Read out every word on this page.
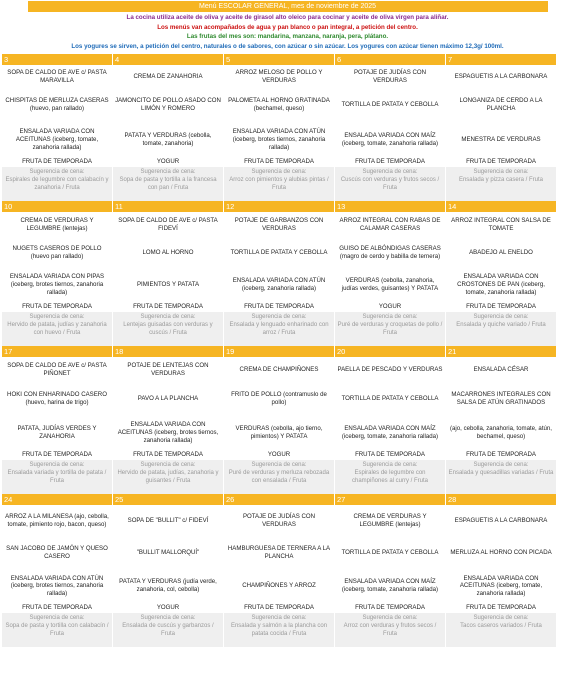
Menú ESCOLAR GENERAL, mes de noviembre de 2025
La cocina utiliza aceite de oliva y aceite de girasol alto oleico para cocinar y aceite de oliva virgen para aliñar.
Los menús van acompañados de agua y pan blanco o pan integral, a petición del centro.
Las frutas del mes son: mandarina, manzana, naranja, pera, plátano.
Los yogures se sirven, a petición del centro, naturales o de sabores, con azúcar o sin azúcar. Los yogures con azúcar tienen máximo 12,3g/ 100ml.
3
SOPA DE CALDO DE AVE c/ PASTA MARAVILLA
CHISPITAS DE MERLUZA CASERAS (huevo, pan rallado)
ENSALADA VARIADA CON ACEITUNAS (iceberg, tomate, zanahoria rallada)
FRUTA DE TEMPORADA
Sugerencia de cena:
Espirales de legumbre con calabacín y zanahoria / Fruta
4
CREMA DE ZANAHORIA
JAMONCITO DE POLLO ASADO CON LIMÓN Y ROMERO
PATATA Y VERDURAS (cebolla, tomate, zanahoria)
YOGUR
Sugerencia de cena:
Sopa de pasta y tortilla a la francesa con pan / Fruta
5
ARROZ MELOSO DE POLLO Y VERDURAS
PALOMETA AL HORNO GRATINADA (bechamel, queso)
ENSALADA VARIADA CON ATÚN (iceberg, brotes tiernos, zanahoria rallada)
FRUTA DE TEMPORADA
Sugerencia de cena:
Arroz con pimientos y alubias pintas / Fruta
6
POTAJE DE JUDÍAS CON VERDURAS
TORTILLA DE PATATA Y CEBOLLA
ENSALADA VARIADA CON MAÍZ (iceberg, tomate, zanahoria rallada)
FRUTA DE TEMPORADA
Sugerencia de cena:
Cuscús con verduras y frutos secos / Fruta
7
ESPAGUETIS A LA CARBONARA
LONGANIZA DE CERDO A LA PLANCHA
MENESTRA DE VERDURAS
FRUTA DE TEMPORADA
Sugerencia de cena:
Ensalada y pizza casera / Fruta
10
CREMA DE VERDURAS Y LEGUMBRE (lentejas)
NUGETS CASEROS DE POLLO (huevo pan rallado)
ENSALADA VARIADA CON PIPAS (iceberg, brotes tiernos, zanahoria rallada)
FRUTA DE TEMPORADA
Sugerencia de cena:
Hervido de patata, judías y zanahoria con huevo / Fruta
11
SOPA DE CALDO DE AVE c/ PASTA FIDEVÍ
LOMO AL HORNO
PIMIENTOS Y PATATA
FRUTA DE TEMPORADA
Sugerencia de cena:
Lentejas guisadas con verduras y cuscús / Fruta
12
POTAJE DE GARBANZOS CON VERDURAS
TORTILLA DE PATATA Y CEBOLLA
ENSALADA VARIADA CON ATÚN (iceberg, zanahoria rallada)
FRUTA DE TEMPORADA
Sugerencia de cena:
Ensalada y lenguado enharinado con arroz / Fruta
13
ARROZ INTEGRAL CON RABAS DE CALAMAR CASERAS
GUISO DE ALBÓNDIGAS CASERAS (magro de cerdo y babilla de ternera)
VERDURAS (cebolla, zanahoria, judías verdes, guisantes) Y PATATA
YOGUR
Sugerencia de cena:
Puré de verduras y croquetas de pollo / Fruta
14
ARROZ INTEGRAL CON SALSA DE TOMATE
ABADEJO AL ENELDO
ENSALADA VARIADA CON CROSTONES DE PAN (iceberg, tomate, zanahoria rallada)
FRUTA DE TEMPORADA
Sugerencia de cena:
Ensalada y quiche variado / Fruta
17
SOPA DE CALDO DE AVE c/ PASTA PIÑONET
HOKI CON ENHARINADO CASERO (huevo, harina de trigo)
PATATA, JUDÍAS VERDES Y ZANAHORIA
FRUTA DE TEMPORADA
Sugerencia de cena:
Ensalada variada y tortilla de patata / Fruta
18
POTAJE DE LENTEJAS CON VERDURAS
PAVO A LA PLANCHA
ENSALADA VARIADA CON ACEITUNAS (iceberg, brotes tiernos, zanahoria rallada)
FRUTA DE TEMPORADA
Sugerencia de cena:
Hervido de patata, judías, zanahoria y guisantes / Fruta
19
CREMA DE CHAMPIÑONES
FRITO DE POLLO (contramuslo de pollo)
VERDURAS (cebolla, ajo tierno, pimientos) Y PATATA
YOGUR
Sugerencia de cena:
Puré de verduras y merluza rebozada con ensalada / Fruta
20
PAELLA DE PESCADO Y VERDURAS
TORTILLA DE PATATA Y CEBOLLA
ENSALADA VARIADA CON MAÍZ (iceberg, tomate, zanahoria rallada)
FRUTA DE TEMPORADA
Sugerencia de cena:
Espirales de legumbre con champiñones al curry / Fruta
21
ENSALADA CÉSAR
MACARRONES INTEGRALES CON SALSA DE ATÚN GRATINADOS
(ajo, cebolla, zanahoria, tomate, atún, bechamel, queso)
FRUTA DE TEMPORADA
Sugerencia de cena:
Ensalada y quesadillas variadas / Fruta
24
ARROZ A LA MILANESA (ajo, cebolla, tomate, pimiento rojo, bacon, queso)
SAN JACOBO DE JAMÓN Y QUESO CASERO
ENSALADA VARIADA CON ATÚN (iceberg, brotes tiernos, zanahoria rallada)
FRUTA DE TEMPORADA
Sugerencia de cena:
Sopa de pasta y tortilla con calabacín / Fruta
25
SOPA DE "BULLIT" c/ FIDEVÍ
"BULLIT MALLORQUÍ"
PATATA Y VERDURAS (judía verde, zanahoria, col, cebolla)
YOGUR
Sugerencia de cena:
Ensalada de cuscús y garbanzos / Fruta
26
POTAJE DE JUDÍAS CON VERDURAS
HAMBURGUESA DE TERNERA A LA PLANCHA
CHAMPIÑONES Y ARROZ
FRUTA DE TEMPORADA
Sugerencia de cena:
Ensalada y salmón a la plancha con patata cocida / Fruta
27
CREMA DE VERDURAS Y LEGUMBRE (lentejas)
TORTILLA DE PATATA Y CEBOLLA
ENSALADA VARIADA CON MAÍZ (iceberg, tomate, zanahoria rallada)
FRUTA DE TEMPORADA
Sugerencia de cena:
Arroz con verduras y frutos secos / Fruta
28
ESPAGUETIS A LA CARBONARA
MERLUZA AL HORNO CON PICADA
ENSALADA VARIADA CON ACEITUNAS (iceberg, tomate, zanahoria rallada)
FRUTA DE TEMPORADA
Sugerencia de cena:
Tacos caseros variados / Fruta
